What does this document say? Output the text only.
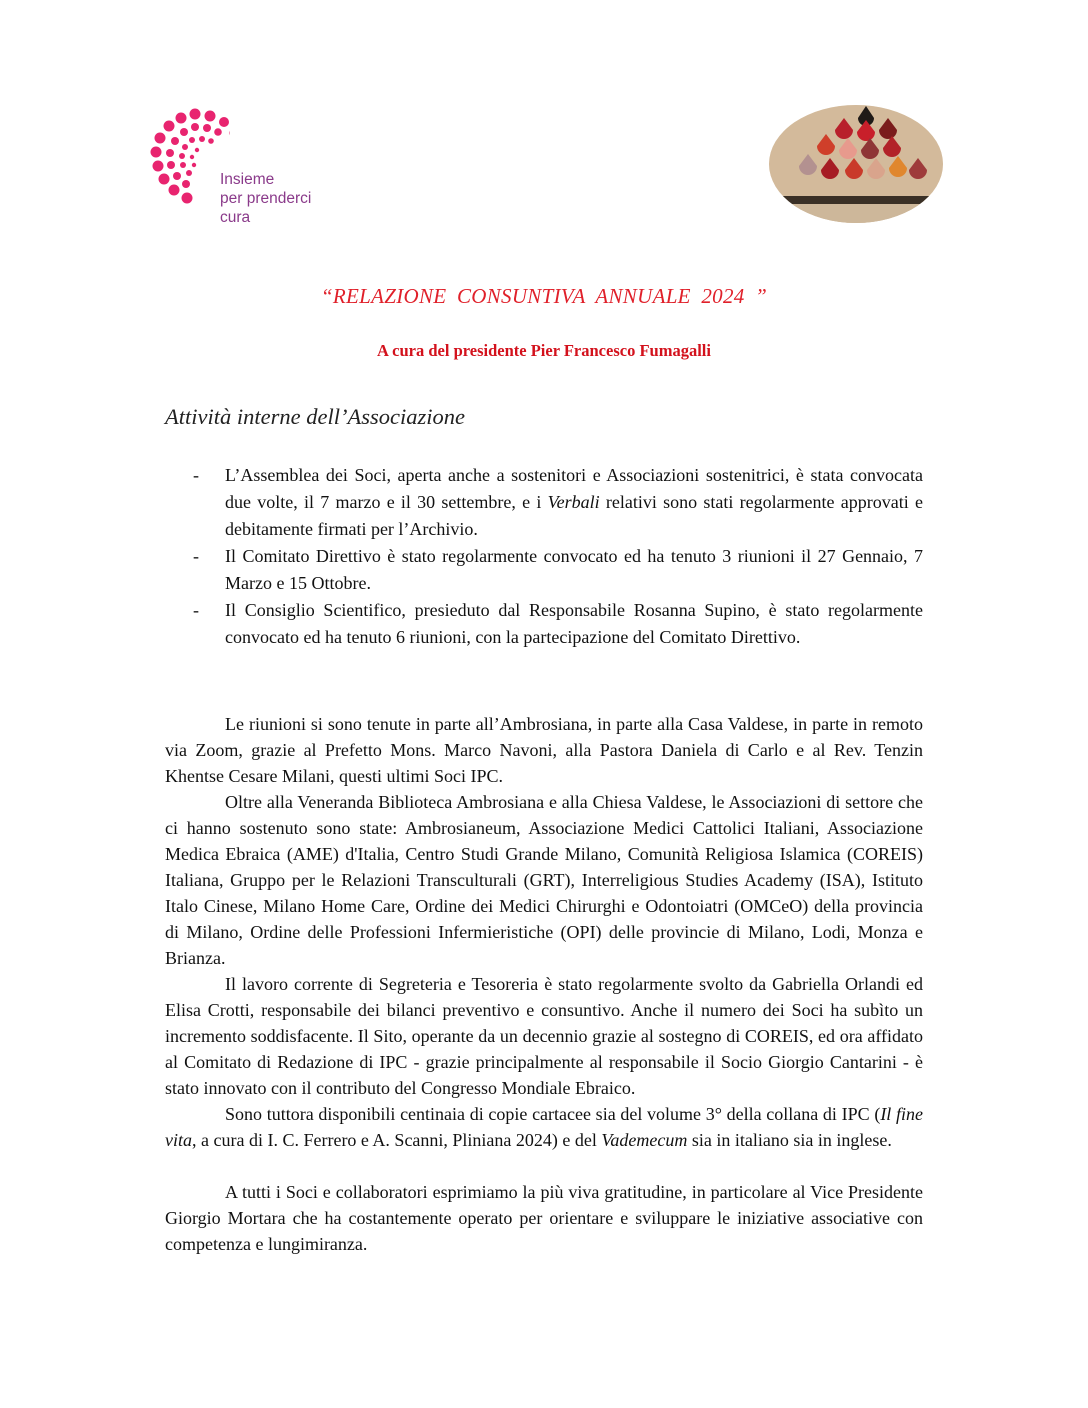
Insieme
per prenderci
cura
“RELAZIONE CONSUNTIVA ANNUALE 2024 ”
A cura del presidente Pier Francesco Fumagalli
Attività interne dell’Associazione
- L’Assemblea dei Soci, aperta anche a sostenitori e Associazioni sostenitrici, è stata convocata due volte, il 7 marzo e il 30 settembre, e i Verbali relativi sono stati regolarmente approvati e debitamente firmati per l’Archivio.
- Il Comitato Direttivo è stato regolarmente convocato ed ha tenuto 3 riunioni il 27 Gennaio, 7 Marzo e 15 Ottobre.
- Il Consiglio Scientifico, presieduto dal Responsabile Rosanna Supino, è stato regolarmente convocato ed ha tenuto 6 riunioni, con la partecipazione del Comitato Direttivo.

Le riunioni si sono tenute in parte all’Ambrosiana, in parte alla Casa Valdese, in parte in remoto via Zoom, grazie al Prefetto Mons. Marco Navoni, alla Pastora Daniela di Carlo e al Rev. Tenzin Khentse Cesare Milani, questi ultimi Soci IPC.

Oltre alla Veneranda Biblioteca Ambrosiana e alla Chiesa Valdese, le Associazioni di settore che ci hanno sostenuto sono state: Ambrosianeum, Associazione Medici Cattolici Italiani, Associazione Medica Ebraica (AME) d'Italia, Centro Studi Grande Milano, Comunità Religiosa Islamica (COREIS) Italiana, Gruppo per le Relazioni Transculturali (GRT), Interreligious Studies Academy (ISA), Istituto Italo Cinese, Milano Home Care, Ordine dei Medici Chirurghi e Odontoiatri (OMCeO) della provincia di Milano, Ordine delle Professioni Infermieristiche (OPI) delle provincie di Milano, Lodi, Monza e Brianza.

Il lavoro corrente di Segreteria e Tesoreria è stato regolarmente svolto da Gabriella Orlandi ed Elisa Crotti, responsabile dei bilanci preventivo e consuntivo. Anche il numero dei Soci ha subìto un incremento soddisfacente. Il Sito, operante da un decennio grazie al sostegno di COREIS, ed ora affidato al Comitato di Redazione di IPC - grazie principalmente al responsabile il Socio Giorgio Cantarini - è stato innovato con il contributo del Congresso Mondiale Ebraico.

Sono tuttora disponibili centinaia di copie cartacee sia del volume 3° della collana di IPC (Il fine vita, a cura di I. C. Ferrero e A. Scanni, Pliniana 2024) e del Vademecum sia in italiano sia in inglese.

A tutti i Soci e collaboratori esprimiamo la più viva gratitudine, in particolare al Vice Presidente Giorgio Mortara che ha costantemente operato per orientare e sviluppare le iniziative associative con competenza e lungimiranza.
